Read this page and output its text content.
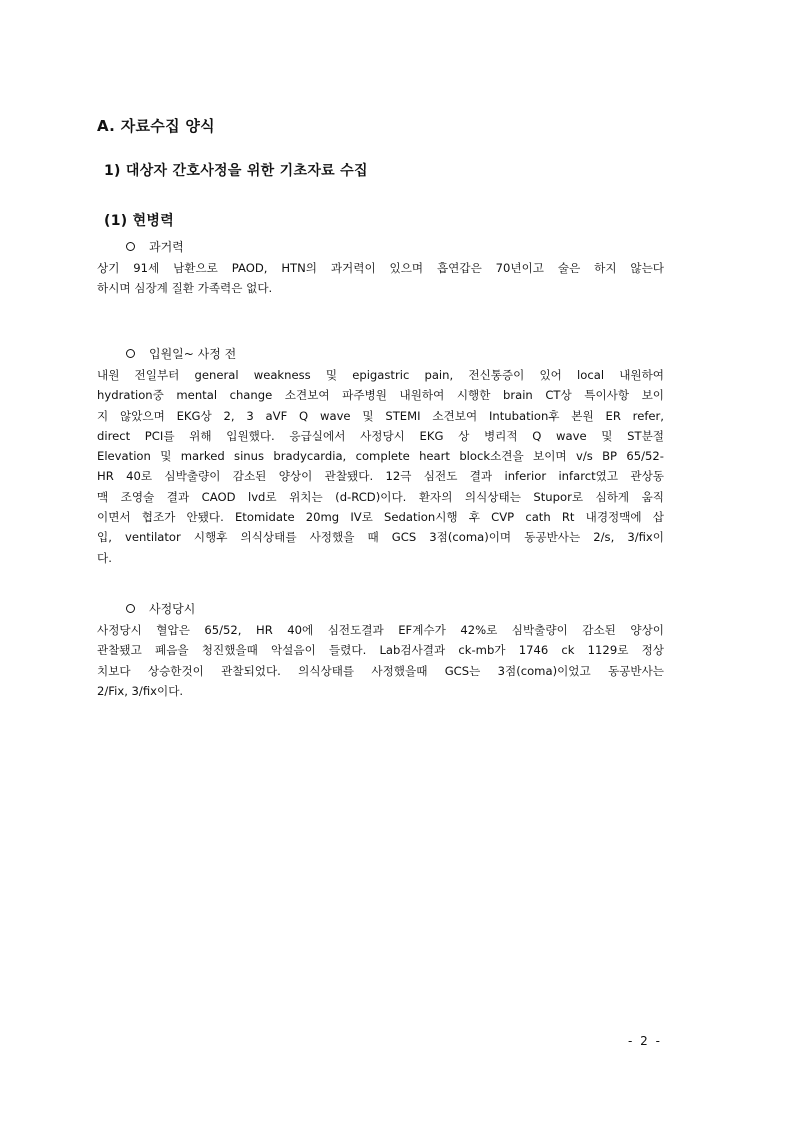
A. 자료수집 양식
1) 대상자 간호사정을 위한 기초자료 수집
(1) 현병력
과거력
상기 91세 남환으로 PAOD, HTN의 과거력이 있으며 흡연갑은 70년이고 술은 하지 않는다
하시며 심장계 질환 가족력은 없다.
입원일~ 사정 전
내원 전일부터 general weakness 및 epigastric pain, 전신통증이 있어 local 내원하여
hydration중 mental change 소견보여 파주병원 내원하여 시행한 brain CT상 특이사항 보이
지 않았으며 EKG상 2, 3 aVF Q wave 및 STEMI 소견보여 Intubation후 본원 ER refer,
direct PCI를 위해 입원했다. 응급실에서 사정당시 EKG 상 병리적 Q wave 및 ST분절
Elevation 및 marked sinus bradycardia, complete heart block소견을 보이며 v/s BP 65/52-
HR 40로 심박출량이 감소된 양상이 관찰됐다. 12극 심전도 결과 inferior infarct였고 관상동
맥 조영술 결과 CAOD lvd로 위치는 (d-RCD)이다. 환자의 의식상태는 Stupor로 심하게 움직
이면서 협조가 안됐다. Etomidate 20mg IV로 Sedation시행 후 CVP cath Rt 내경정맥에 삽
입, ventilator 시행후 의식상태를 사정했을 때 GCS 3점(coma)이며 동공반사는 2/s, 3/fix이
다.
사정당시
사정당시 혈압은 65/52, HR 40에 심전도결과 EF계수가 42%로 심박출량이 감소된 양상이
관찰됐고 폐음을 청진했을때 악설음이 들렸다. Lab검사결과 ck-mb가 1746 ck 1129로 정상
치보다 상승한것이 관찰되었다. 의식상태를 사정했을때 GCS는 3점(coma)이었고 동공반사는
2/Fix, 3/fix이다.
- 2 -
